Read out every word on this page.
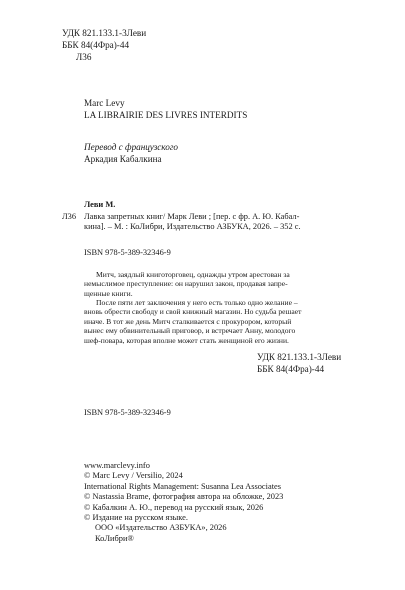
УДК 821.133.1-3Леви
ББК 84(4Фра)-44
Л36
Marc Levy
LA LIBRAIRIE DES LIVRES INTERDITS
Перевод с французского
Аркадия Кабалкина
Л36
Леви М.
Лавка запретных книг/ Марк Леви ; [пер. с фр. А. Ю. Кабал-
кина]. – М. : КоЛибри, Издательство АЗБУКА, 2026. – 352 с.
ISBN 978-5-389-32346-9
Митч, заядлый книготорговец, однажды утром арестован за
немыслимое преступление: он нарушил закон, продавая запре-
щенные книги.
После пяти лет заключения у него есть только одно желание –
вновь обрести свободу и свой книжный магазин. Но судьба решает
иначе. В тот же день Митч сталкивается с прокурором, который
вынес ему обвинительный приговор, и встречает Анну, молодого
шеф-повара, которая вполне может стать женщиной его жизни.
УДК 821.133.1-3Леви
ББК 84(4Фра)-44
ISBN 978-5-389-32346-9
www.marclevy.info
© Marc Levy / Versilio, 2024
International Rights Management: Susanna Lea Associates
© Nastassia Brame, фотография автора на обложке, 2023
© Кабалкин А. Ю., перевод на русский язык, 2026
© Издание на русском языке.
ООО «Издательство АЗБУКА», 2026
КоЛибри®
